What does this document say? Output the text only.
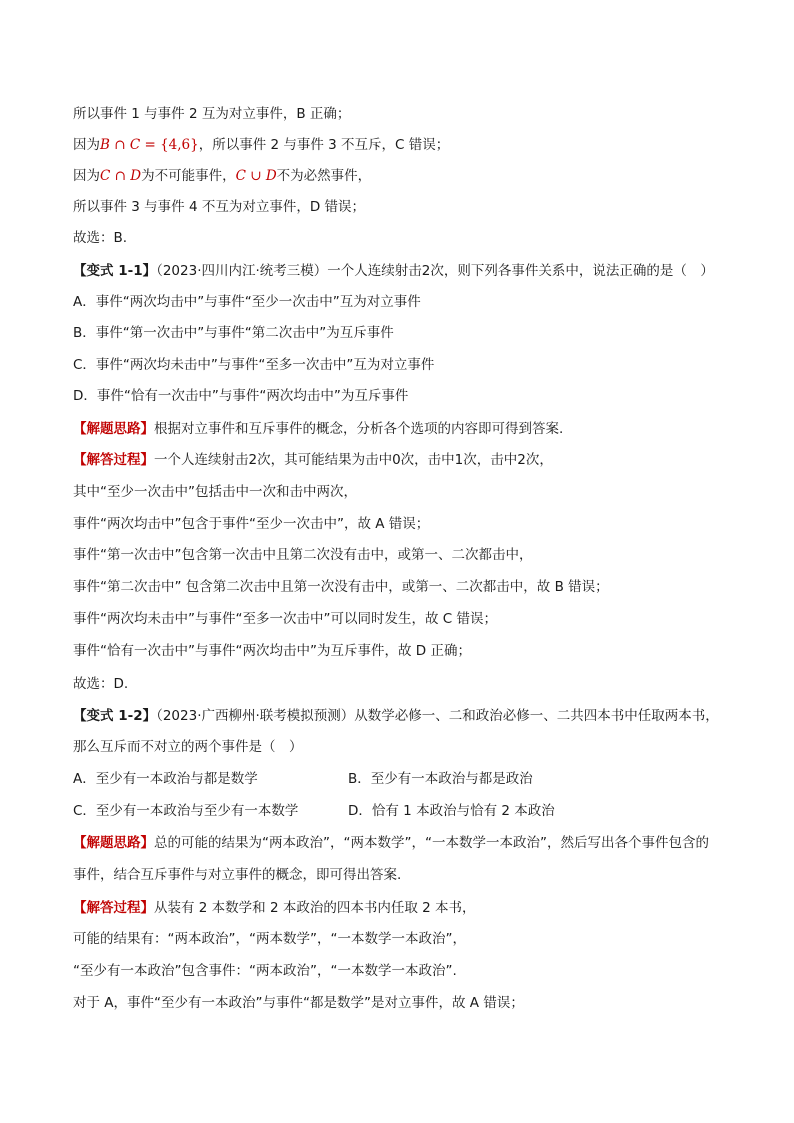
所以事件 1 与事件 2 互为对立事件，B 正确；
因为B ∩ C = {4,6}，所以事件 2 与事件 3 不互斥，C 错误；
因为C ∩ D为不可能事件，C ∪ D不为必然事件，
所以事件 3 与事件 4 不互为对立事件，D 错误；
故选：B.
【变式 1-1】（2023·四川内江·统考三模）一个人连续射击2次，则下列各事件关系中，说法正确的是（　）
A．事件“两次均击中”与事件“至少一次击中”互为对立事件
B．事件“第一次击中”与事件“第二次击中”为互斥事件
C．事件“两次均未击中”与事件“至多一次击中”互为对立事件
D．事件“恰有一次击中”与事件“两次均击中”为互斥事件
【解题思路】根据对立事件和互斥事件的概念，分析各个选项的内容即可得到答案.
【解答过程】一个人连续射击2次，其可能结果为击中0次，击中1次，击中2次，
其中“至少一次击中”包括击中一次和击中两次，
事件“两次均击中”包含于事件“至少一次击中”，故 A 错误；
事件“第一次击中”包含第一次击中且第二次没有击中，或第一、二次都击中，
事件“第二次击中” 包含第二次击中且第一次没有击中，或第一、二次都击中，故 B 错误；
事件“两次均未击中”与事件“至多一次击中”可以同时发生，故 C 错误；
事件“恰有一次击中”与事件“两次均击中”为互斥事件，故 D 正确；
故选：D.
【变式 1-2】（2023·广西柳州·联考模拟预测）从数学必修一、二和政治必修一、二共四本书中任取两本书，
那么互斥而不对立的两个事件是（　）
A．至少有一本政治与都是数学	B．至少有一本政治与都是政治
C．至少有一本政治与至少有一本数学	D．恰有 1 本政治与恰有 2 本政治
【解题思路】总的可能的结果为“两本政治”，“两本数学”，“一本数学一本政治”，然后写出各个事件包含的
事件，结合互斥事件与对立事件的概念，即可得出答案.
【解答过程】从装有 2 本数学和 2 本政治的四本书内任取 2 本书，
可能的结果有：“两本政治”，“两本数学”，“一本数学一本政治”，
“至少有一本政治”包含事件：“两本政治”，“一本数学一本政治”.
对于 A，事件“至少有一本政治”与事件“都是数学”是对立事件，故 A 错误；
